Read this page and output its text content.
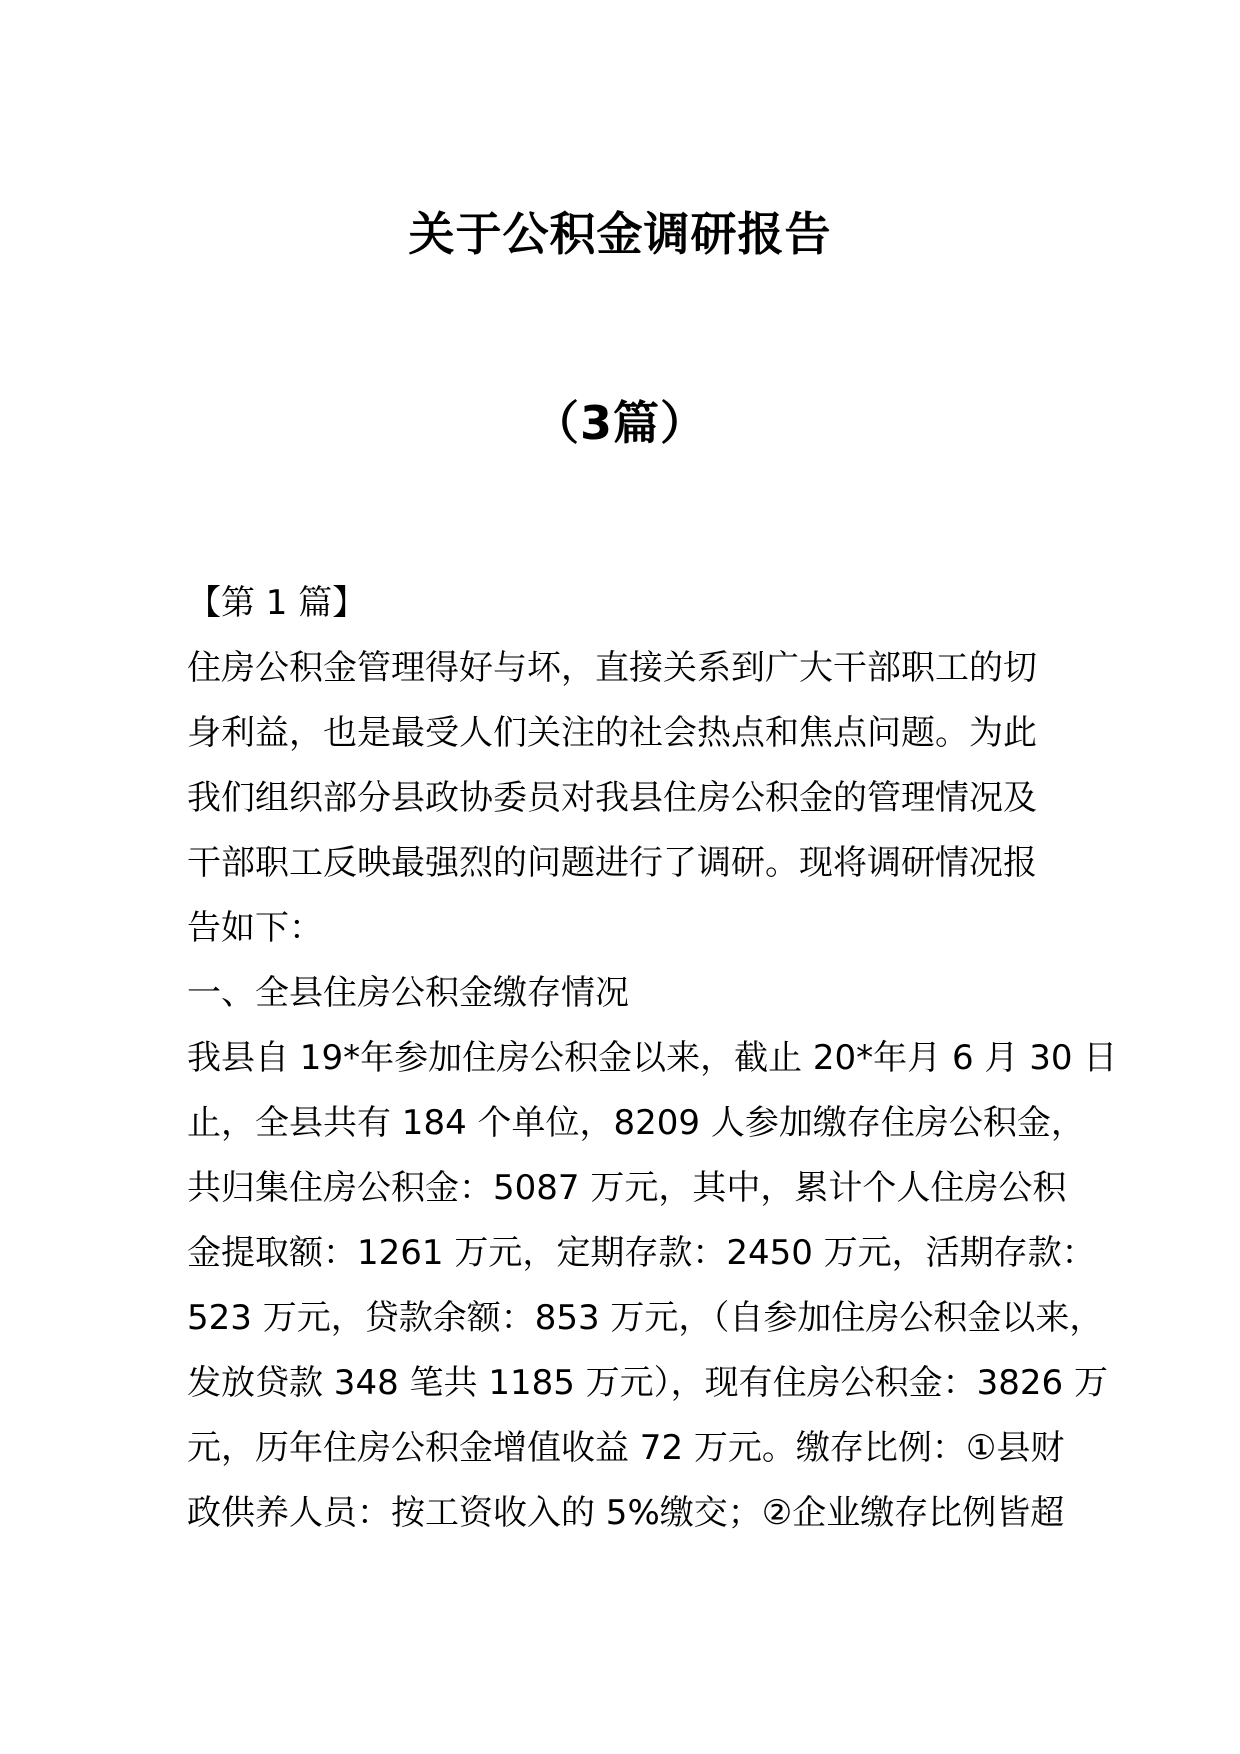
关于公积金调研报告
（3篇）
【第 1 篇】
住房公积金管理得好与坏，直接关系到广大干部职工的切
身利益，也是最受人们关注的社会热点和焦点问题。为此
我们组织部分县政协委员对我县住房公积金的管理情况及
干部职工反映最强烈的问题进行了调研。现将调研情况报
告如下：
一、全县住房公积金缴存情况
我县自 19*年参加住房公积金以来，截止 20*年月 6 月 30 日
止，全县共有 184 个单位，8209 人参加缴存住房公积金，
共归集住房公积金：5087 万元，其中，累计个人住房公积
金提取额：1261 万元，定期存款：2450 万元，活期存款：
523 万元，贷款余额：853 万元，（自参加住房公积金以来，
发放贷款 348 笔共 1185 万元），现有住房公积金：3826 万
元，历年住房公积金增值收益 72 万元。缴存比例：①县财
政供养人员：按工资收入的 5%缴交；②企业缴存比例皆超
